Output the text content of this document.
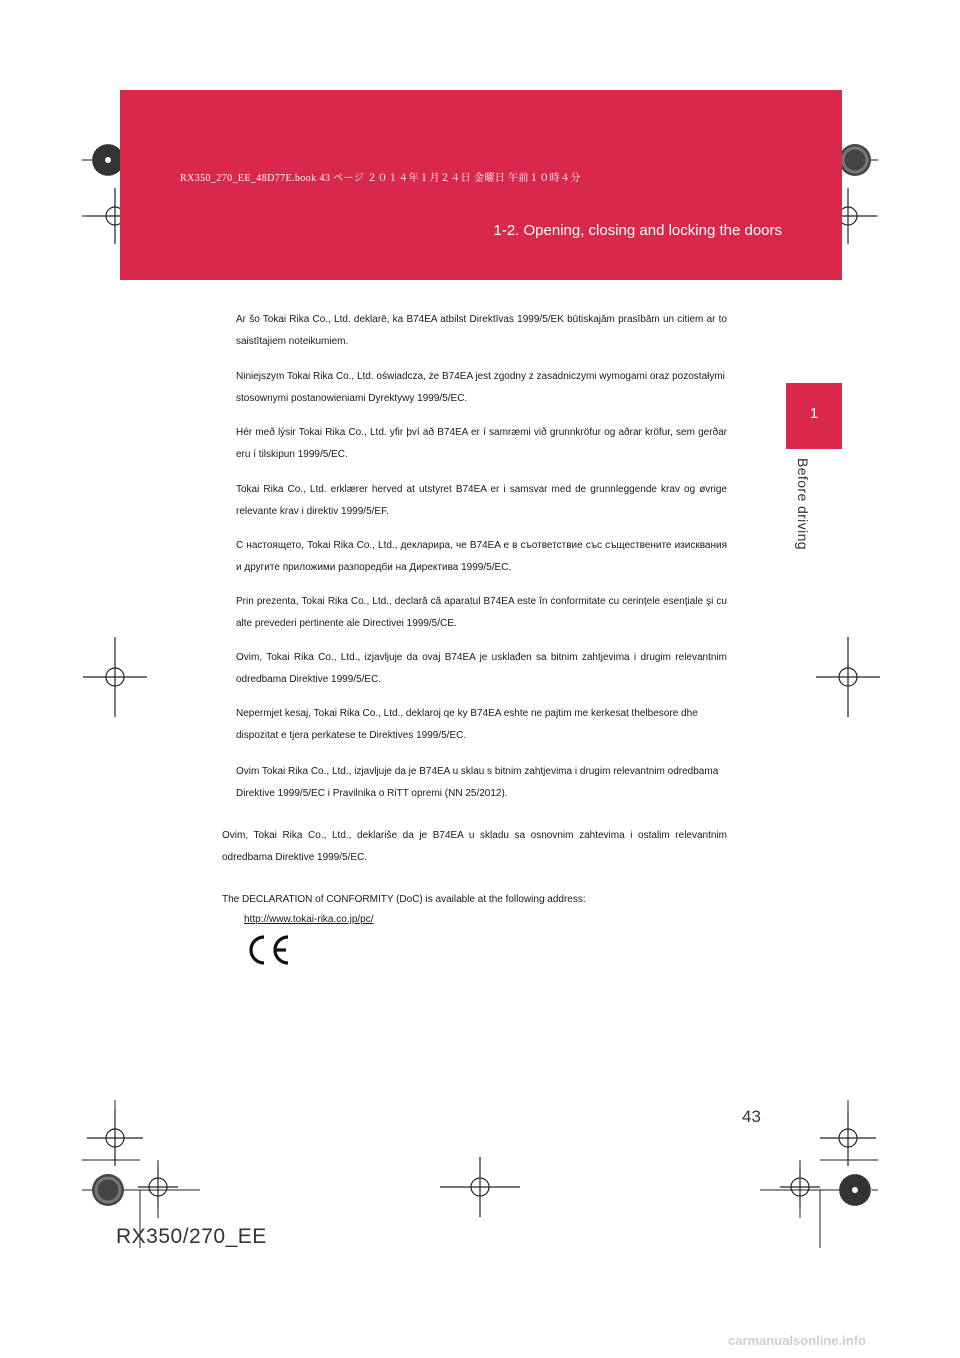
RX350_270_EE_48D77E.book 43 ページ ２０１４年１月２４日 金曜日 午前１０時４分
1-2. Opening, closing and locking the doors
1
Before driving

Ar šo Tokai Rika Co., Ltd. deklarē, ka B74EA atbilst Direktīvas 1999/5/EK būtiskajām prasībām un citiem ar to saistītajiem noteikumiem.

Niniejszym Tokai Rika Co., Ltd. oświadcza, że B74EA jest zgodny z zasadniczymi wymogami oraz pozostałymi stosownymi postanowieniami Dyrektywy 1999/5/EC.

Hér með lýsir Tokai Rika Co., Ltd. yfir því að B74EA er í samræmi við grunnkröfur og aðrar kröfur, sem gerðar eru í tilskipun 1999/5/EC.

Tokai Rika Co., Ltd. erklærer herved at utstyret B74EA er i samsvar med de grunnleggende krav og øvrige relevante krav i direktiv 1999/5/EF.

С настоящето, Tokai Rika Co., Ltd., декларира, че B74EA е в съответствие със съществените изисквания и другите приложими разпоредби на Директива 1999/5/EC.

Prin prezenta, Tokai Rika Co., Ltd., declară că aparatul B74EA este în conformitate cu cerințele esențiale şi cu alte prevederi pertinente ale Directivei 1999/5/CE.

Ovim, Tokai Rika Co., Ltd., izjavljuje da ovaj B74EA je usklađen sa bitnim zahtjevima i drugim relevantnim odredbama Direktive 1999/5/EC.

Nepermjet kesaj, Tokai Rika Co., Ltd., deklaroj qe ky B74EA eshte ne pajtim me kerkesat thelbesore dhe dispozitat e tjera perkatese te Direktives 1999/5/EC.

Ovim Tokai Rika Co., Ltd., izjavljuje da je B74EA u sklau s bitnim zahtjevima i drugim relevantnim odredbama Direktive 1999/5/EC i Pravilnika o RiTT opremi (NN 25/2012).

Ovim, Tokai Rika Co., Ltd., deklariše da je B74EA u skladu sa osnovnim zahtevima i ostalim relevantnim odredbama Direktive 1999/5/EC.

The DECLARATION of CONFORMITY (DoC) is available at the following address:

http://www.tokai-rika.co.jp/pc/
43
RX350/270_EE
carmanualsonline.info
